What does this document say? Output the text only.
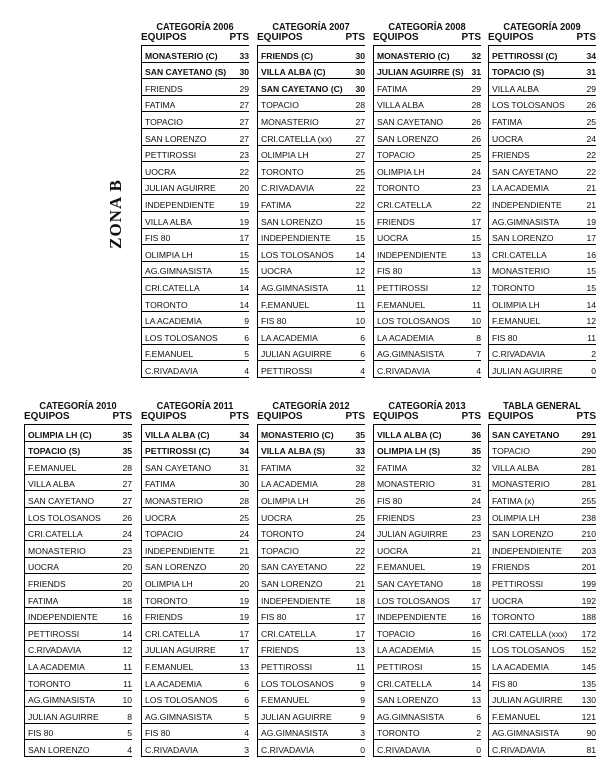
ZONA B
CATEGORÍA 2006
EQUIPOS	PTS
MONASTERIO (C)	33
SAN CAYETANO (S) 30
FRIENDS	29
FATIMA	27
TOPACIO	27
SAN LORENZO	27
PETTIROSSI	23
UOCRA	22
JULIAN AGUIRRE	20
INDEPENDIENTE	19
VILLA ALBA	19
FIS 80	17
OLIMPIA LH	15
AG.GIMNASISTA	15
CRI.CATELLA	14
TORONTO	14
LA ACADEMIA	9
LOS TOLOSANOS	6
F.EMANUEL	5
C.RIVADAVIA	4
CATEGORÍA 2007
EQUIPOS	PTS
FRIENDS (C)	30
VILLA ALBA (C)	30
SAN CAYETANO (C) 30
TOPACIO	28
MONASTERIO	27
CRI.CATELLA (xx)	27
OLIMPIA LH	27
TORONTO	25
C.RIVADAVIA	22
FATIMA	22
SAN LORENZO	15
INDEPENDIENTE	15
LOS TOLOSANOS	14
UOCRA	12
AG.GIMNASISTA	11
F.EMANUEL	11
FIS 80	10
LA ACADEMIA	6
JULIAN AGUIRRE	6
PETTIROSSI	4
CATEGORÍA 2008
EQUIPOS	PTS
MONASTERIO (C)	32
JULIAN AGUIRRE (S) 31
FATIMA	29
VILLA ALBA	28
SAN CAYETANO	26
SAN LORENZO	26
TOPACIO	25
OLIMPIA LH	24
TORONTO	23
CRI.CATELLA	22
FRIENDS	17
UOCRA	15
INDEPENDIENTE	13
FIS 80	13
PETTIROSSI	12
F.EMANUEL	11
LOS TOLOSANOS	10
LA ACADEMIA	8
AG.GIMNASISTA	7
C.RIVADAVIA	4
CATEGORÍA 2009
EQUIPOS	PTS
PETTIROSSI (C)	34
TOPACIO (S)	31
VILLA ALBA	29
LOS TOLOSANOS	26
FATIMA	25
UOCRA	24
FRIENDS	22
SAN CAYETANO	22
LA ACADEMIA	21
INDEPENDIENTE	21
AG.GIMNASISTA	19
SAN LORENZO	17
CRI.CATELLA	16
MONASTERIO	15
TORONTO	15
OLIMPIA LH	14
F.EMANUEL	12
FIS 80	11
C.RIVADAVIA	2
JULIAN AGUIRRE	0
CATEGORÍA 2010
EQUIPOS	PTS
OLIMPIA LH (C)	35
TOPACIO (S)	35
F.EMANUEL	28
VILLA ALBA	27
SAN CAYETANO	27
LOS TOLOSANOS	26
CRI.CATELLA	24
MONASTERIO	23
UOCRA	20
FRIENDS	20
FATIMA	18
INDEPENDIENTE	16
PETTIROSSI	14
C.RIVADAVIA	12
LA ACADEMIA	11
TORONTO	11
AG.GIMNASISTA	10
JULIAN AGUIRRE	8
FIS 80	5
SAN LORENZO	4
CATEGORÍA 2011
EQUIPOS	PTS
VILLA ALBA (C)	34
PETTIROSSI (C)	34
SAN CAYETANO	31
FATIMA	30
MONASTERIO	28
UOCRA	25
TOPACIO	24
INDEPENDIENTE	21
SAN LORENZO	20
OLIMPIA LH	20
TORONTO	19
FRIENDS	19
CRI.CATELLA	17
JULIAN AGUIRRE	17
F.EMANUEL	13
LA ACADEMIA	6
LOS TOLOSANOS	6
AG.GIMNASISTA	5
FIS 80	4
C.RIVADAVIA	3
CATEGORÍA 2012
EQUIPOS	PTS
MONASTERIO (C)	35
VILLA ALBA (S)	33
FATIMA	32
LA ACADEMIA	28
OLIMPIA LH	26
UOCRA	25
TORONTO	24
TOPACIO	22
SAN CAYETANO	22
SAN LORENZO	21
INDEPENDIENTE	18
FIS 80	17
CRI.CATELLA	17
FRIENDS	13
PETTIROSSI	11
LOS TOLOSANOS	9
F.EMANUEL	9
JULIAN AGUIRRE	9
AG.GIMNASISTA	3
C.RIVADAVIA	0
CATEGORÍA 2013
EQUIPOS	PTS
VILLA ALBA (C)	36
OLIMPIA LH (S)	35
FATIMA	32
MONASTERIO	31
FIS 80	24
FRIENDS	23
JULIAN AGUIRRE	23
UOCRA	21
F.EMANUEL	19
SAN CAYETANO	18
LOS TOLOSANOS	17
INDEPENDIENTE	16
TOPACIO	16
LA ACADEMIA	15
PETTIROSI	15
CRI.CATELLA	14
SAN LORENZO	13
AG.GIMNASISTA	6
TORONTO	2
C.RIVADAVIA	0
TABLA GENERAL
EQUIPOS	PTS
SAN CAYETANO	291
TOPACIO	290
VILLA ALBA	281
MONASTERIO	281
FATIMA (x)	255
OLIMPIA LH	238
SAN LORENZO	210
INDEPENDIENTE 203
FRIENDS	201
PETTIROSSI	199
UOCRA	192
TORONTO	188
CRI.CATELLA (xxx) 172
LOS TOLOSANOS 152
LA ACADEMIA	145
FIS 80	135
JULIAN AGUIRRE 130
F.EMANUEL	121
AG.GIMNASISTA	90
C.RIVADAVIA	81
